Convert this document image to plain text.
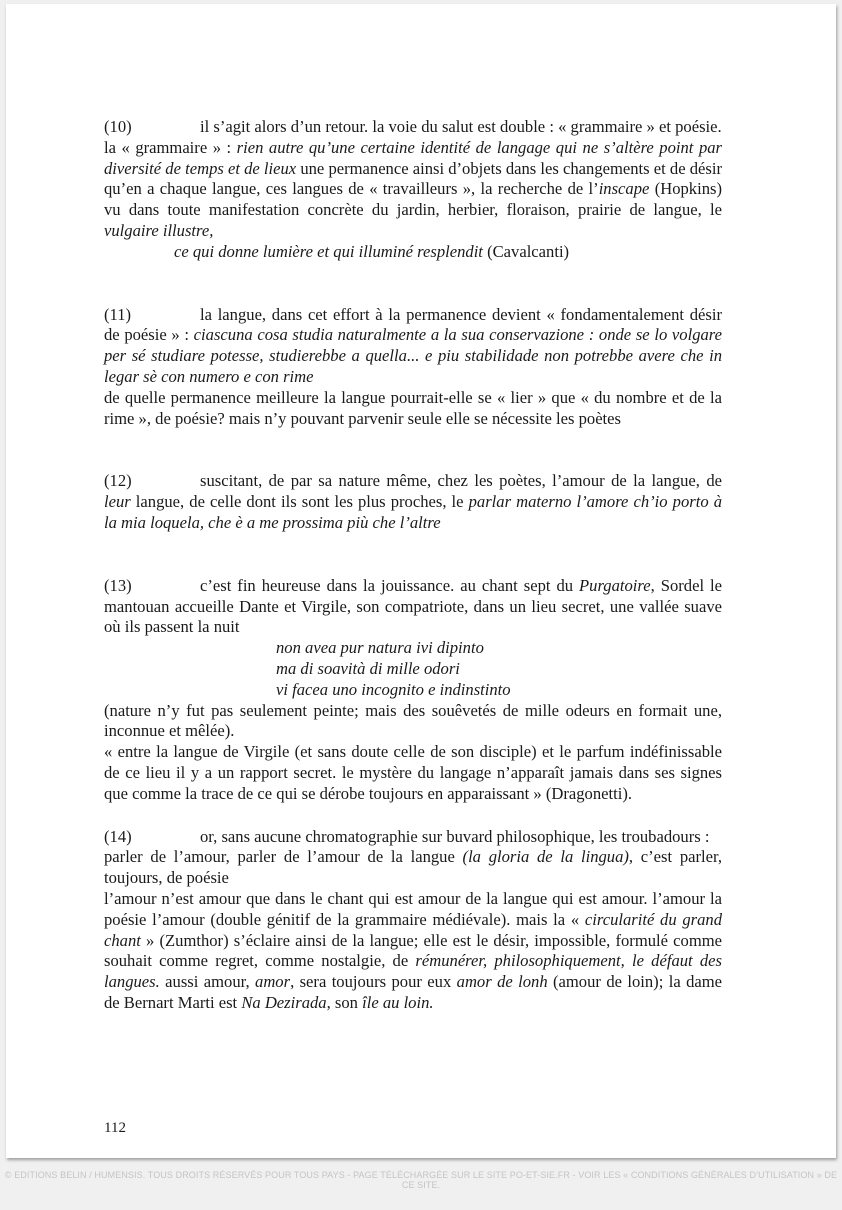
(10)	il s’agit alors d’un retour. la voie du salut est double : « grammaire » et poésie.

la « grammaire » : rien autre qu’une certaine identité de langage qui ne s’altère point par diversité de temps et de lieux une permanence ainsi d’objets dans les changements et de désir qu’en a chaque langue, ces langues de « travailleurs », la recherche de l’inscape (Hopkins) vu dans toute manifestation concrète du jardin, herbier, floraison, prairie de langue, le vulgaire illustre,

ce qui donne lumière et qui illuminé resplendit (Cavalcanti)

(11)	la langue, dans cet effort à la permanence devient « fondamentalement désir de poésie » : ciascuna cosa studia naturalmente a la sua conservazione : onde se lo volgare per sé studiare potesse, studierebbe a quella... e piu stabilidade non potrebbe avere che in legar sè con numero e con rime

de quelle permanence meilleure la langue pourrait-elle se « lier » que « du nombre et de la rime », de poésie? mais n’y pouvant parvenir seule elle se nécessite les poètes

(12)	suscitant, de par sa nature même, chez les poètes, l’amour de la langue, de leur langue, de celle dont ils sont les plus proches, le parlar materno l’amore ch’io porto à la mia loquela, che è a me prossima più che l’altre

(13)	c’est fin heureuse dans la jouissance. au chant sept du Purgatoire, Sordel le mantouan accueille Dante et Virgile, son compatriote, dans un lieu secret, une vallée suave où ils passent la nuit

non avea pur natura ivi dipinto

ma di soavità di mille odori

vi facea uno incognito e indinstinto

(nature n’y fut pas seulement peinte; mais des souêvetés de mille odeurs en formait une, inconnue et mêlée).

« entre la langue de Virgile (et sans doute celle de son disciple) et le parfum indéfinissable de ce lieu il y a un rapport secret. le mystère du langage n’apparaît jamais dans ses signes que comme la trace de ce qui se dérobe toujours en apparaissant » (Dragonetti).

(14)	or, sans aucune chromatographie sur buvard philosophique, les troubadours :

parler de l’amour, parler de l’amour de la langue (la gloria de la lingua), c’est parler, toujours, de poésie

l’amour n’est amour que dans le chant qui est amour de la langue qui est amour. l’amour la poésie l’amour (double génitif de la grammaire médiévale). mais la « circularité du grand chant » (Zumthor) s’éclaire ainsi de la langue; elle est le désir, impossible, formulé comme souhait comme regret, comme nostalgie, de rémunérer, philosophiquement, le défaut des langues. aussi amour, amor, sera toujours pour eux amor de lonh (amour de loin); la dame de Bernart Marti est Na Dezirada, son île au loin.

112
© EDITIONS BELIN / HUMENSIS. TOUS DROITS RÉSERVÉS POUR TOUS PAYS - PAGE TÉLÉCHARGÉE SUR LE SITE PO-ET-SIE.FR - VOIR LES « CONDITIONS GÉNÉRALES D’UTILISATION » DE CE SITE.
